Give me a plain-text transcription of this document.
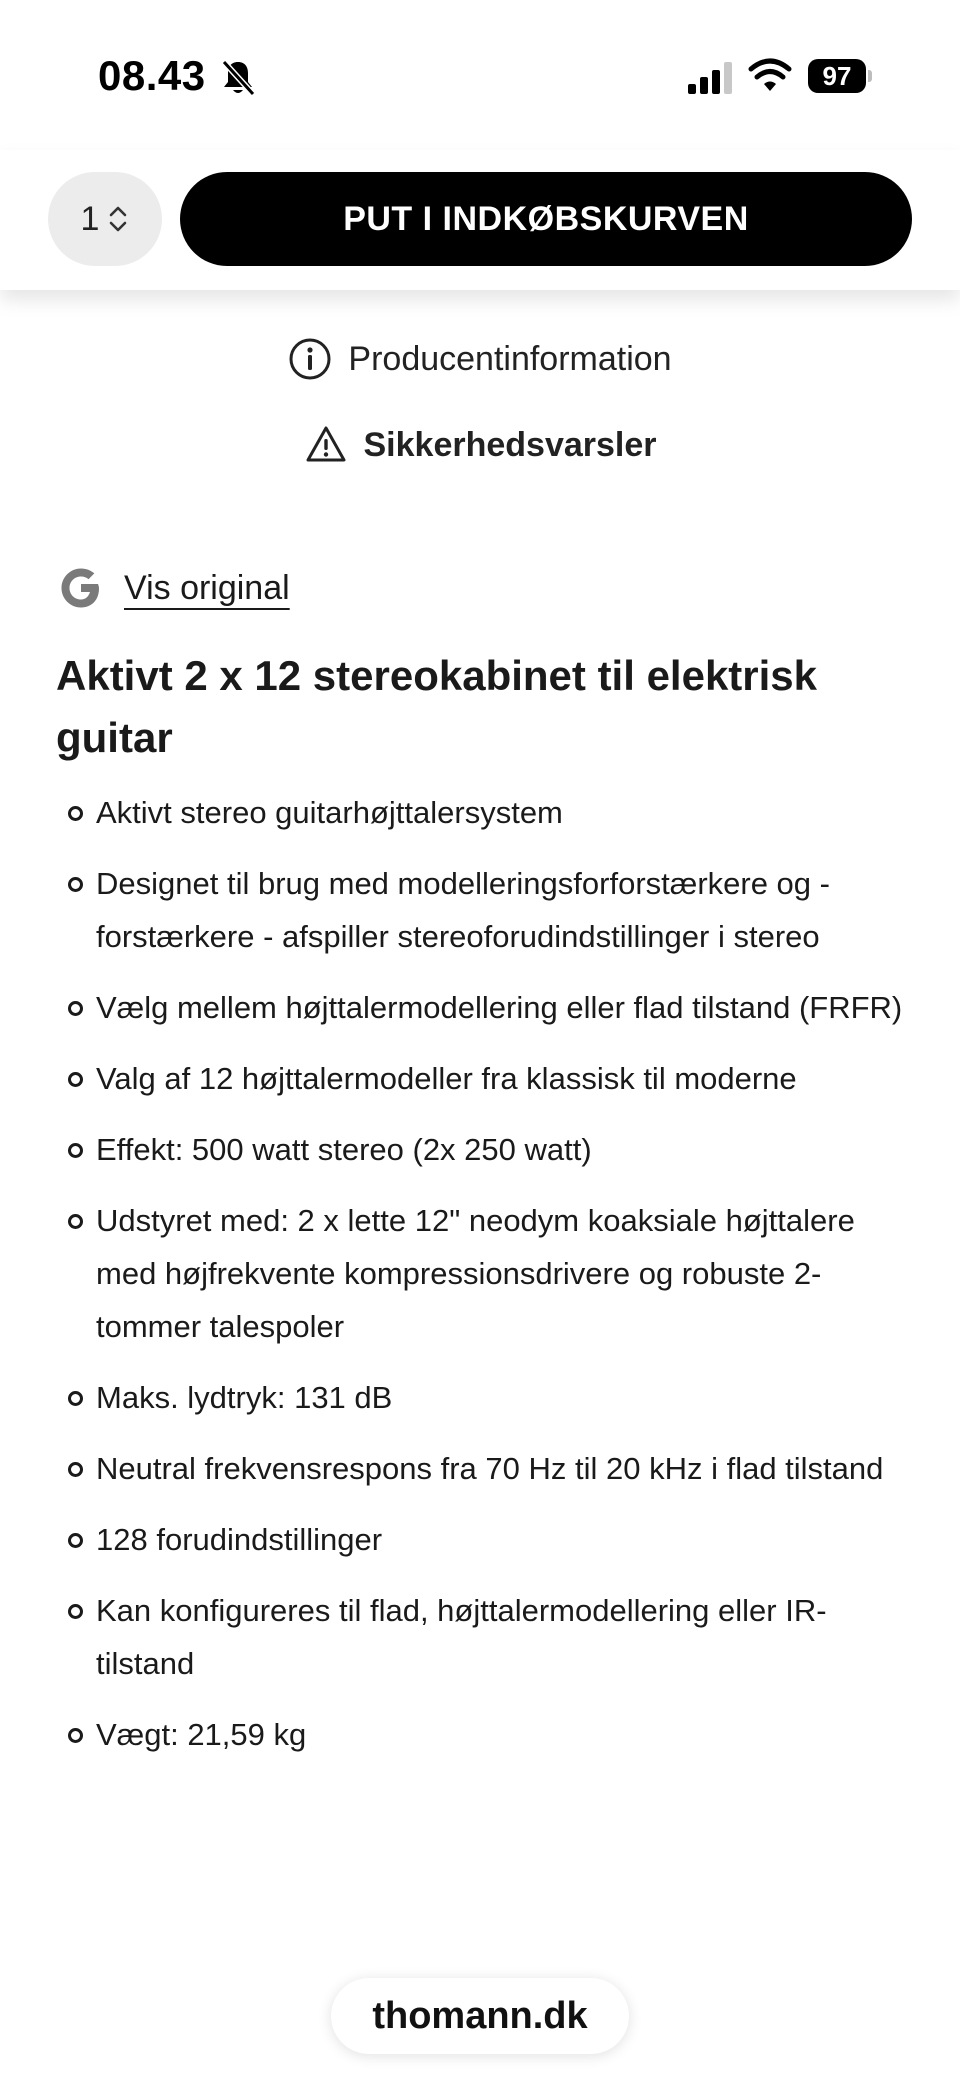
08.43	97
1	PUT I INDKØBSKURVEN
Producentinformation
Sikkerhedsvarsler
Vis original
Aktivt 2 x 12 stereokabinet til elektrisk guitar
Aktivt stereo guitarhøjttalersystem
Designet til brug med modelleringsforforstærkere og -forstærkere - afspiller stereoforudindstillinger i stereo
Vælg mellem højttalermodellering eller flad tilstand (FRFR)
Valg af 12 højttalermodeller fra klassisk til moderne
Effekt: 500 watt stereo (2x 250 watt)
Udstyret med: 2 x lette 12" neodym koaksiale højttalere med højfrekvente kompressionsdrivere og robuste 2-tommer talespoler
Maks. lydtryk: 131 dB
Neutral frekvensrespons fra 70 Hz til 20 kHz i flad tilstand
128 forudindstillinger
Kan konfigureres til flad, højttalermodellering eller IR-tilstand
Vægt: 21,59 kg
thomann.dk
